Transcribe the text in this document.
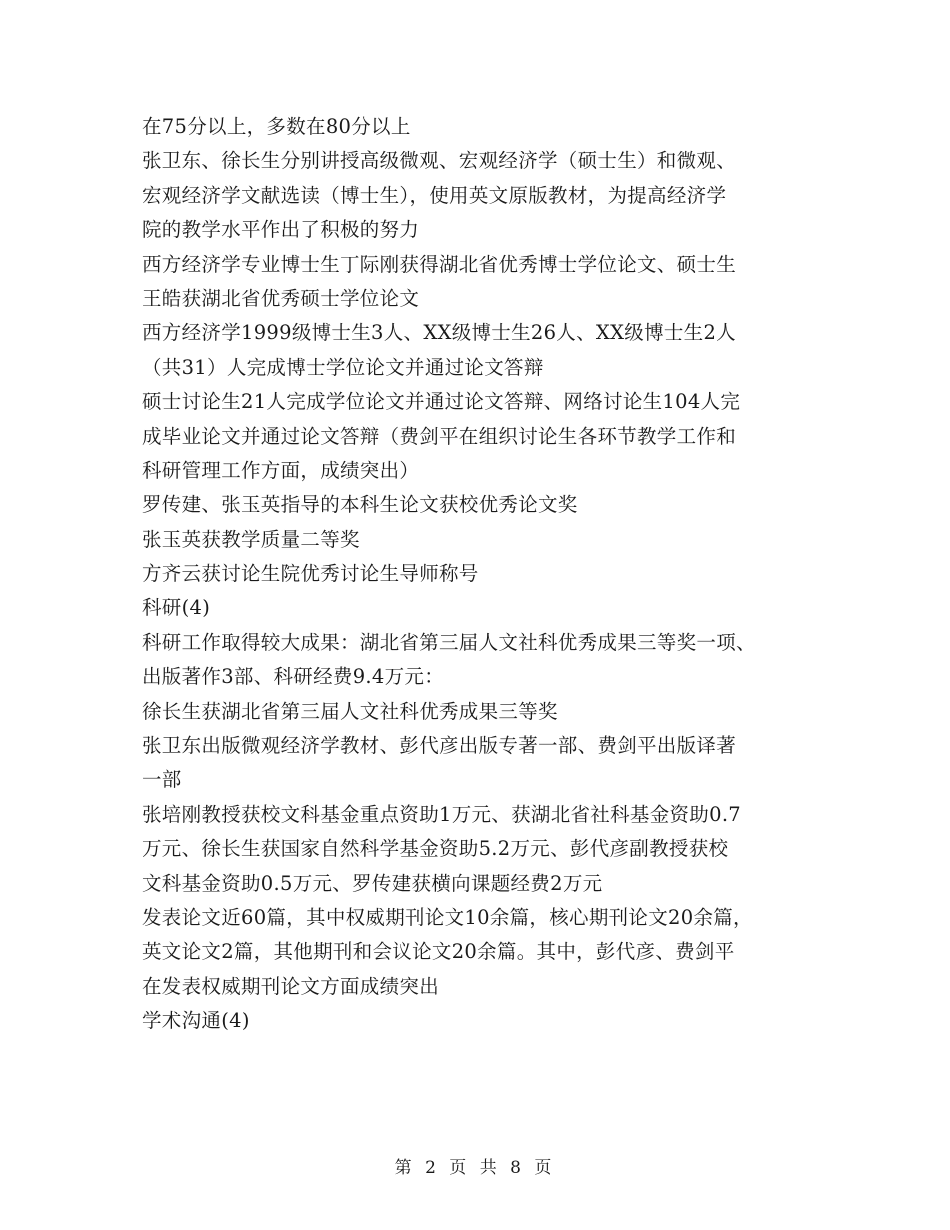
在75分以上，多数在80分以上
张卫东、徐长生分别讲授高级微观、宏观经济学（硕士生）和微观、
宏观经济学文献选读（博士生），使用英文原版教材，为提高经济学
院的教学水平作出了积极的努力
西方经济学专业博士生丁际刚获得湖北省优秀博士学位论文、硕士生
王皓获湖北省优秀硕士学位论文
西方经济学1999级博士生3人、XX级博士生26人、XX级博士生2人
（共31）人完成博士学位论文并通过论文答辩
硕士讨论生21人完成学位论文并通过论文答辩、网络讨论生104人完
成毕业论文并通过论文答辩（费剑平在组织讨论生各环节教学工作和
科研管理工作方面，成绩突出）
罗传建、张玉英指导的本科生论文获校优秀论文奖
张玉英获教学质量二等奖
方齐云获讨论生院优秀讨论生导师称号
科研(4)
科研工作取得较大成果：湖北省第三届人文社科优秀成果三等奖一项、
出版著作3部、科研经费9.4万元：
徐长生获湖北省第三届人文社科优秀成果三等奖
张卫东出版微观经济学教材、彭代彦出版专著一部、费剑平出版译著
一部
张培刚教授获校文科基金重点资助1万元、获湖北省社科基金资助0.7
万元、徐长生获国家自然科学基金资助5.2万元、彭代彦副教授获校
文科基金资助0.5万元、罗传建获横向课题经费2万元
发表论文近60篇，其中权威期刊论文10余篇，核心期刊论文20余篇，
英文论文2篇，其他期刊和会议论文20余篇。其中，彭代彦、费剑平
在发表权威期刊论文方面成绩突出
学术沟通(4)
第 2 页 共 8 页
